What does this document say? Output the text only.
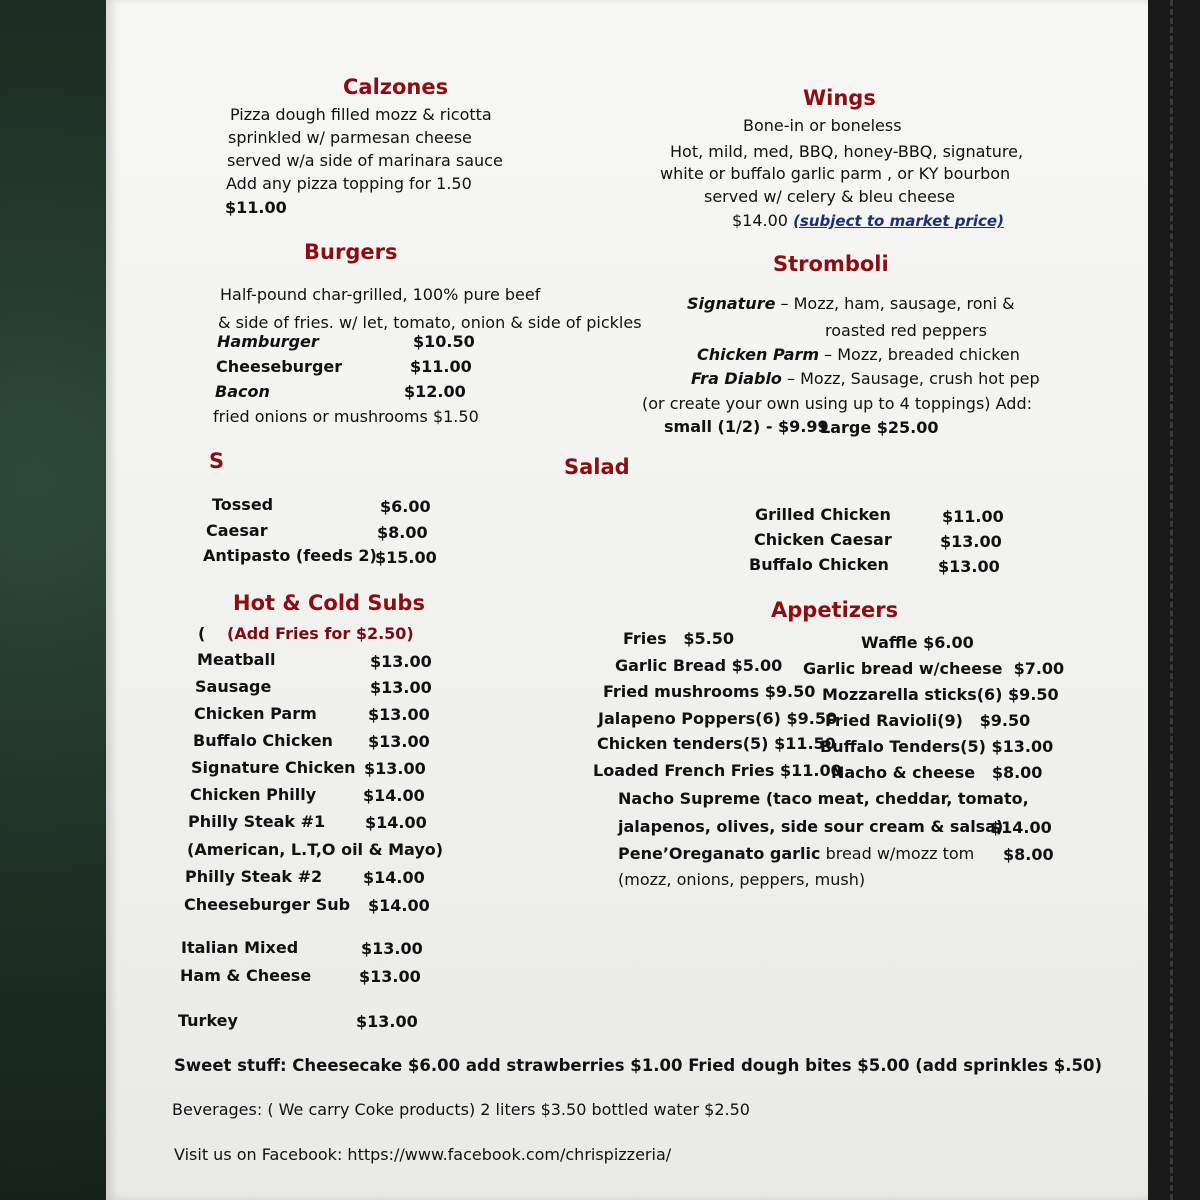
Calzones
Pizza dough filled mozz & ricotta
sprinkled w/ parmesan cheese
served w/a side of marinara sauce
Add any pizza topping for 1.50
$11.00
Wings
Bone-in or boneless
Hot, mild, med, BBQ, honey-BBQ, signature,
white or buffalo garlic parm , or KY bourbon
served w/ celery & bleu cheese
$14.00 (subject to market price)
Burgers
Half-pound char-grilled, 100% pure beef
& side of fries. w/ let, tomato, onion & side of pickles
Hamburger	$10.50
Cheeseburger	$11.00
Bacon	$12.00
fried onions or mushrooms $1.50
Stromboli
Signature – Mozz, ham, sausage, roni &
roasted red peppers
Chicken Parm – Mozz, breaded chicken
Fra Diablo – Mozz, Sausage, crush hot pep
(or create your own using up to 4 toppings) Add:
small (1/2) - $9.99
Large $25.00
S	Salad
Tossed	$6.00
Caesar	$8.00
Antipasto (feeds 2)
$15.00
Grilled Chicken	$11.00
Chicken Caesar	$13.00
Buffalo Chicken	$13.00
Hot & Cold Subs
( (Add Fries for $2.50)
Meatball	$13.00
Sausage	$13.00
Chicken Parm	$13.00
Buffalo Chicken $13.00
Signature Chicken $13.00
Chicken Philly	$14.00
Philly Steak #1 $14.00
(American, L.T,O oil & Mayo)
Philly Steak #2	$14.00
Cheeseburger Sub $14.00
Italian Mixed	$13.00
Ham & Cheese	$13.00
Turkey	$13.00
Appetizers
Fries   $5.50	Waffle $6.00
Garlic Bread $5.00 Garlic bread w/cheese  $7.00
Fried mushrooms $9.50 Mozzarella sticks(6) $9.50
Jalapeno Poppers(6) $9.50
Fried Ravioli(9)   $9.50
Chicken tenders(5) $11.50
Buffalo Tenders(5) $13.00
Loaded French Fries $11.00
Nacho & cheese   $8.00
Nacho Supreme (taco meat, cheddar, tomato,
jalapenos, olives, side sour cream & salsa)
$14.00
Pene’Oreganato garlic bread w/mozz tom $8.00
(mozz, onions, peppers, mush)
Sweet stuff: Cheesecake $6.00 add strawberries $1.00 Fried dough bites $5.00 (add sprinkles $.50)
Beverages: ( We carry Coke products) 2 liters $3.50 bottled water $2.50
Visit us on Facebook: https://www.facebook.com/chrispizzeria/
